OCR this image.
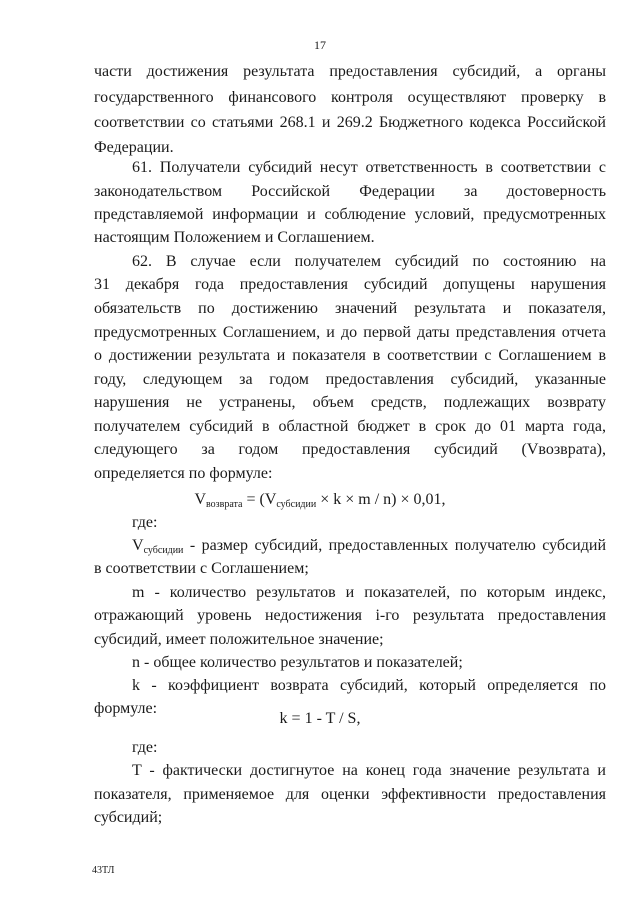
17
части достижения результата предоставления субсидий, а органы
государственного финансового контроля осуществляют проверку в
соответствии со статьями 268.1 и 269.2 Бюджетного кодекса Российской
Федерации.
61. Получатели субсидий несут ответственность в соответствии с
законодательством Российской Федерации за достоверность
представляемой информации и соблюдение условий, предусмотренных
настоящим Положением и Соглашением.
62. В случае если получателем субсидий по состоянию на
31 декабря года предоставления субсидий допущены нарушения
обязательств по достижению значений результата и показателя,
предусмотренных Соглашением, и до первой даты представления отчета
о достижении результата и показателя в соответствии с Соглашением в
году, следующем за годом предоставления субсидий, указанные
нарушения не устранены, объем средств, подлежащих возврату
получателем субсидий в областной бюджет в срок до 01 марта года,
следующего за годом предоставления субсидий (Vвозврата),
определяется по формуле:
Vвозврата = (Vсубсидии × k × m / n) × 0,01,
где:
Vсубсидии - размер субсидий, предоставленных получателю субсидий
в соответствии с Соглашением;
m - количество результатов и показателей, по которым индекс,
отражающий уровень недостижения i-го результата предоставления
субсидий, имеет положительное значение;
n - общее количество результатов и показателей;
k - коэффициент возврата субсидий, который определяется по
формуле:
k = 1 - T / S,
где:
T - фактически достигнутое на конец года значение результата и
показателя, применяемое для оценки эффективности предоставления
субсидий;
43ТЛ
